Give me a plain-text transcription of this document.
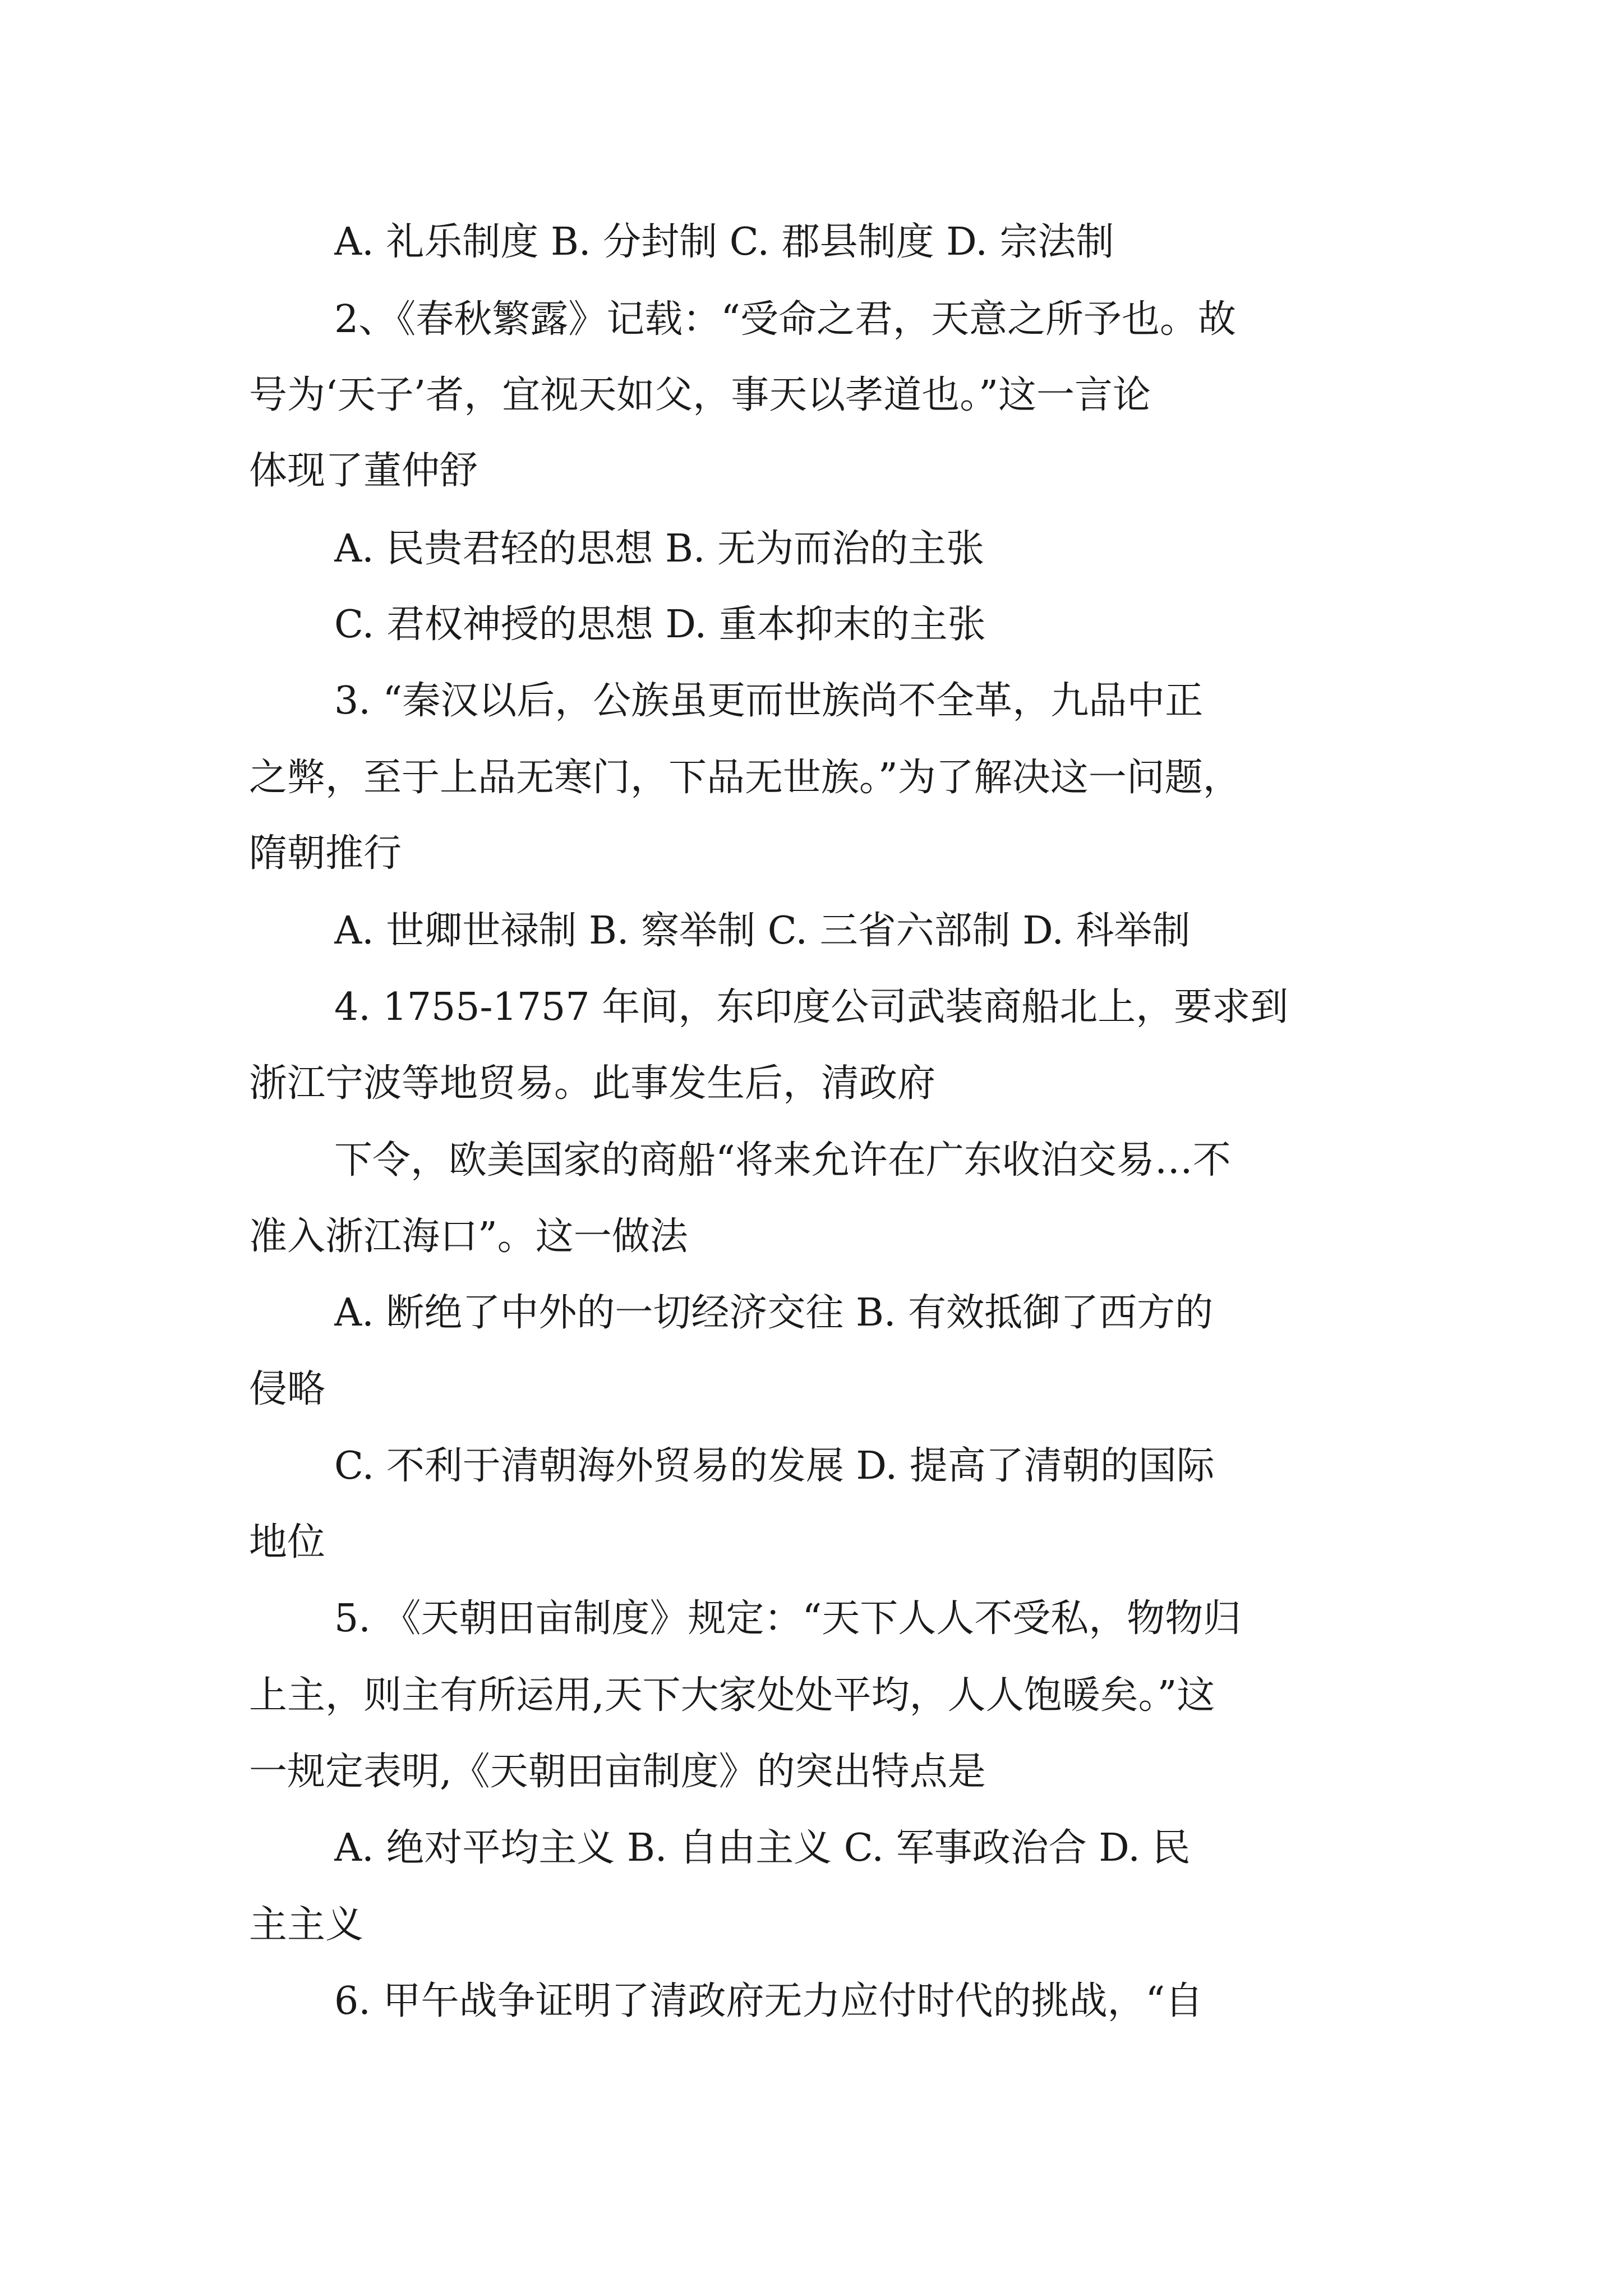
A. 礼乐制度 B. 分封制 C. 郡县制度 D. 宗法制

2、《春秋繁露》记载：“受命之君，天意之所予也。故

号为‘天子’者，宜视天如父，事天以孝道也。”这一言论

体现了董仲舒

A. 民贵君轻的思想 B. 无为而治的主张

C. 君权神授的思想 D. 重本抑末的主张

3. “秦汉以后，公族虽更而世族尚不全革，九品中正

之弊，至于上品无寒门，下品无世族。”为了解决这一问题，

隋朝推行

A. 世卿世禄制 B. 察举制 C. 三省六部制 D. 科举制

4. 1755-1757 年间，东印度公司武装商船北上，要求到

浙江宁波等地贸易。此事发生后，清政府

下令，欧美国家的商船“将来允许在广东收泊交易…不

准入浙江海口”。这一做法

A. 断绝了中外的一切经济交往 B. 有效抵御了西方的

侵略

C. 不利于清朝海外贸易的发展 D. 提高了清朝的国际

地位

5. 《天朝田亩制度》规定：“天下人人不受私，物物归

上主，则主有所运用,天下大家处处平均，人人饱暖矣。”这

一规定表明,《天朝田亩制度》的突出特点是

A. 绝对平均主义 B. 自由主义 C. 军事政治合 D. 民

主主义

6. 甲午战争证明了清政府无力应付时代的挑战，“自
